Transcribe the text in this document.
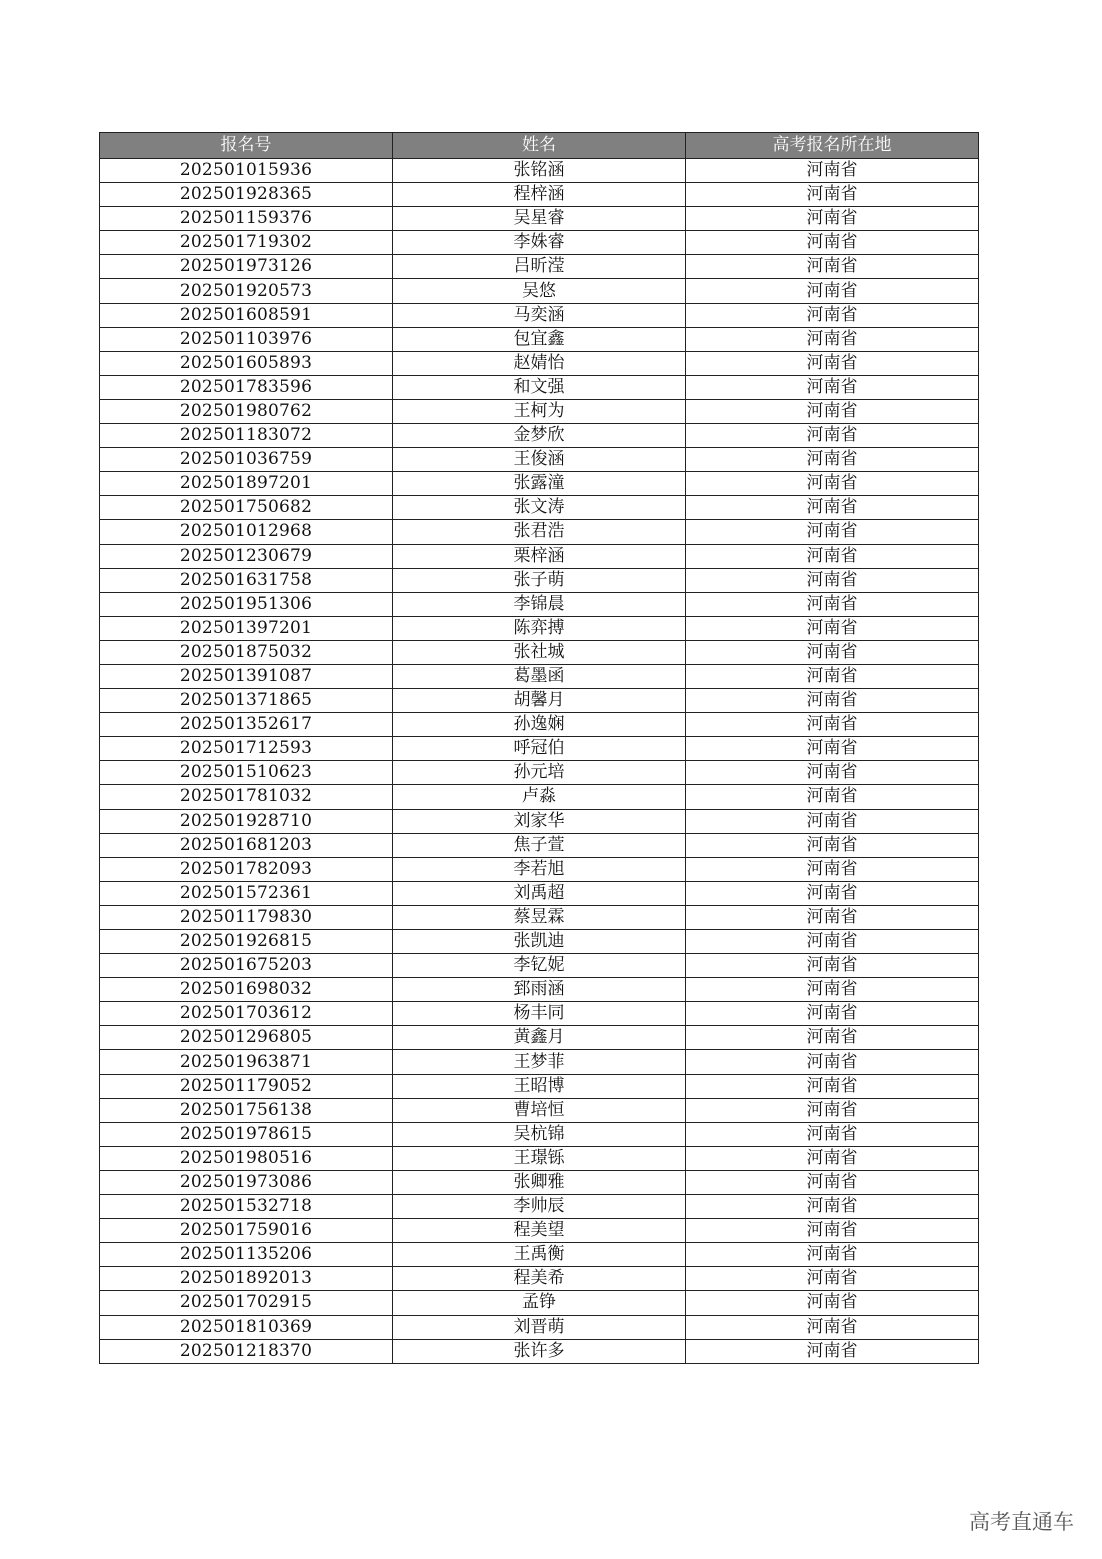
报名号	姓名	高考报名所在地
202501015936	张铭涵	河南省
202501928365	程梓涵	河南省
202501159376	吴星睿	河南省
202501719302	李姝睿	河南省
202501973126	吕昕滢	河南省
202501920573	吴悠	河南省
202501608591	马奕涵	河南省
202501103976	包宜鑫	河南省
202501605893	赵婧怡	河南省
202501783596	和文强	河南省
202501980762	王柯为	河南省
202501183072	金梦欣	河南省
202501036759	王俊涵	河南省
202501897201	张露潼	河南省
202501750682	张文涛	河南省
202501012968	张君浩	河南省
202501230679	栗梓涵	河南省
202501631758	张子萌	河南省
202501951306	李锦晨	河南省
202501397201	陈弈搏	河南省
202501875032	张社城	河南省
202501391087	葛墨函	河南省
202501371865	胡馨月	河南省
202501352617	孙逸娴	河南省
202501712593	呼冠伯	河南省
202501510623	孙元培	河南省
202501781032	卢淼	河南省
202501928710	刘家华	河南省
202501681203	焦子萱	河南省
202501782093	李若旭	河南省
202501572361	刘禹超	河南省
202501179830	蔡昱霖	河南省
202501926815	张凯迪	河南省
202501675203	李钇妮	河南省
202501698032	郅雨涵	河南省
202501703612	杨丰同	河南省
202501296805	黄鑫月	河南省
202501963871	王梦菲	河南省
202501179052	王昭博	河南省
202501756138	曹培恒	河南省
202501978615	吴杭锦	河南省
202501980516	王璟铄	河南省
202501973086	张卿雅	河南省
202501532718	李帅辰	河南省
202501759016	程美望	河南省
202501135206	王禹衡	河南省
202501892013	程美希	河南省
202501702915	孟铮	河南省
202501810369	刘晋萌	河南省
202501218370	张许多	河南省
高考直通车
